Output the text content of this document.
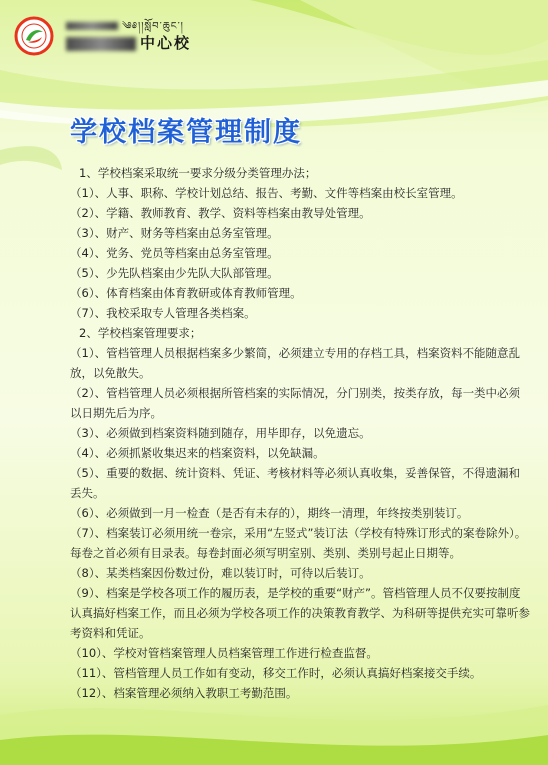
༄༅།།སློབ་ཆུང་།
中心校
学校档案管理制度

1、学校档案采取统一要求分级分类管理办法；

（1）、人事、职称、学校计划总结、报告、考勤、文件等档案由校长室管理。

（2）、学籍、教师教育、教学、资料等档案由教导处管理。

（3）、财产、财务等档案由总务室管理。

（4）、党务、党员等档案由总务室管理。

（5）、少先队档案由少先队大队部管理。

（6）、体育档案由体育教研或体育教师管理。

（7）、我校采取专人管理各类档案。

2、学校档案管理要求；

（1）、管档管理人员根据档案多少繁简，必须建立专用的存档工具，档案资料不能随意乱放，以免散失。

（2）、管档管理人员必须根据所管档案的实际情况，分门别类，按类存放，每一类中必须以日期先后为序。

（3）、必须做到档案资料随到随存，用毕即存，以免遗忘。

（4）、必须抓紧收集迟来的档案资料，以免缺漏。

（5）、重要的数据、统计资料、凭证、考核材料等必须认真收集，妥善保管，不得遗漏和丢失。

（6）、必须做到一月一检查（是否有未存的），期终一清理，年终按类别装订。

（7）、档案装订必须用统一卷宗，采用“左竖式”装订法（学校有特殊订形式的案卷除外）。每卷之首必须有目录表。每卷封面必须写明室别、类别、类别号起止日期等。

（8）、某类档案因份数过份，难以装订时，可待以后装订。

（9）、档案是学校各项工作的履历表，是学校的重要“财产”。管档管理人员不仅要按制度认真搞好档案工作，而且必须为学校各项工作的决策教育教学、为科研等提供充实可靠听参考资料和凭证。

（10）、学校对管档案管理人员档案管理工作进行检查监督。

（11）、管档管理人员工作如有变动，移交工作时，必须认真搞好档案接交手续。

（12）、档案管理必须纳入教职工考勤范围。
